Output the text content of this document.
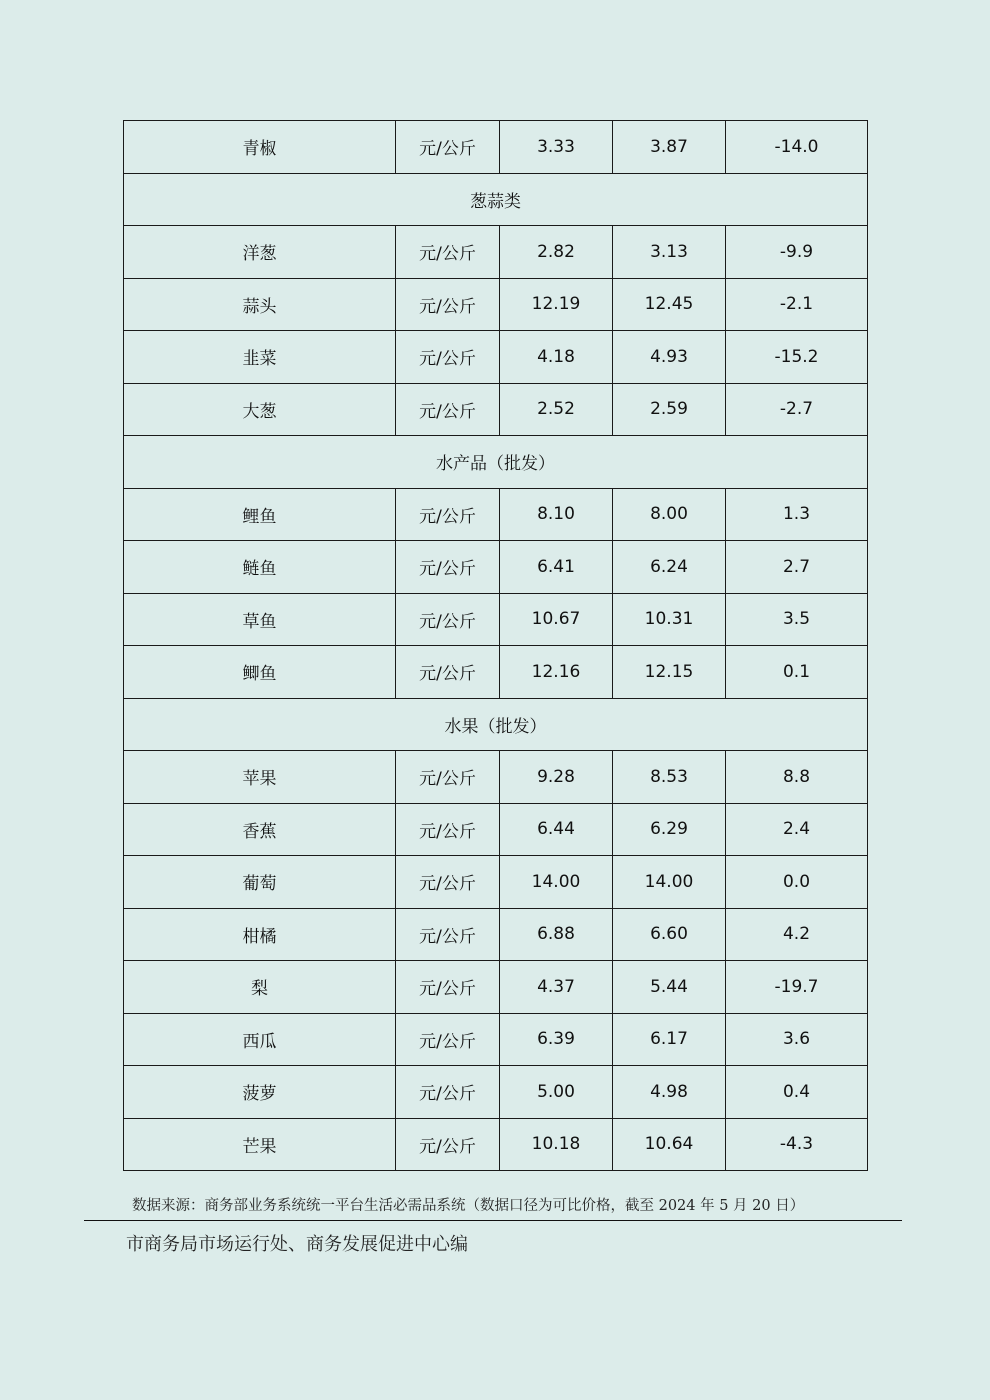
青椒	元/公斤	3.33	3.87	-14.0
葱蒜类				
洋葱	元/公斤	2.82	3.13	-9.9
蒜头	元/公斤	12.19	12.45	-2.1
韭菜	元/公斤	4.18	4.93	-15.2
大葱	元/公斤	2.52	2.59	-2.7
水产品（批发）				
鲤鱼	元/公斤	8.10	8.00	1.3
鲢鱼	元/公斤	6.41	6.24	2.7
草鱼	元/公斤	10.67	10.31	3.5
鲫鱼	元/公斤	12.16	12.15	0.1
水果（批发）				
苹果	元/公斤	9.28	8.53	8.8
香蕉	元/公斤	6.44	6.29	2.4
葡萄	元/公斤	14.00	14.00	0.0
柑橘	元/公斤	6.88	6.60	4.2
梨	元/公斤	4.37	5.44	-19.7
西瓜	元/公斤	6.39	6.17	3.6
菠萝	元/公斤	5.00	4.98	0.4
芒果	元/公斤	10.18	10.64	-4.3
数据来源：商务部业务系统统一平台生活必需品系统（数据口径为可比价格，截至 2024 年 5 月 20 日）
市商务局市场运行处、商务发展促进中心编
